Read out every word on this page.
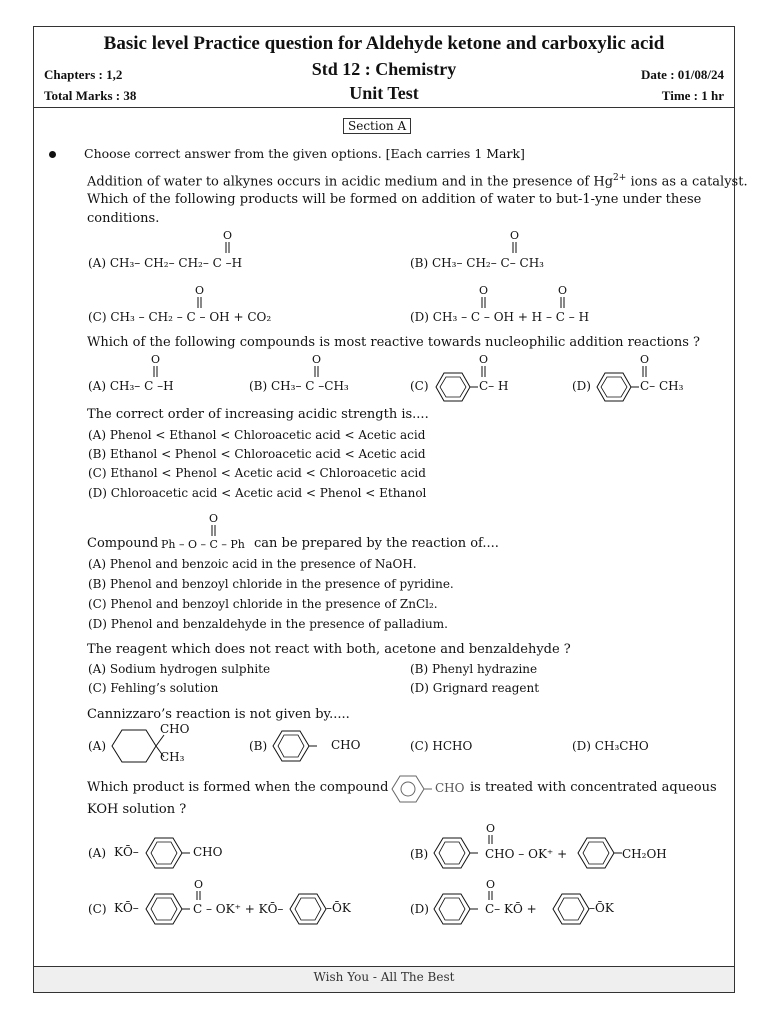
Basic level Practice question for Aldehyde ketone and carboxylic acid
Chapters : 1,2
Total Marks : 38
Std 12 : Chemistry
Unit Test
Date : 01/08/24
Time : 1 hr
Section A
Choose correct answer from the given options. [Each carries 1 Mark]
Addition of water to alkynes occurs in acidic medium and in the presence of $Hg^{2+}$ ions as a catalyst.
Which of the following products will be formed on addition of water to but-1-yne under these
conditions.
(A) CH₃– CH₂– CH₂– C –H
O
(B) CH₃– CH₂– C– CH₃
O
(C) CH₃ – CH₂ – C – OH + CO₂
O
(D) CH₃ – C – OH + H – C – H
O	O
Which of the following compounds is most reactive towards nucleophilic addition reactions ?
(A) CH₃– C –H
O
(B) CH₃– C –CH₃
O
(C)	C– H
O
(D)	C– CH₃
O
The correct order of increasing acidic strength is....
(A) Phenol < Ethanol < Chloroacetic acid < Acetic acid
(B) Ethanol < Phenol < Chloroacetic acid < Acetic acid
(C) Ethanol < Phenol < Acetic acid < Chloroacetic acid
(D) Chloroacetic acid < Acetic acid < Phenol < Ethanol
Compound Ph – O – C – Ph
O
can be prepared by the reaction of....
(A) Phenol and benzoic acid in the presence of NaOH.
(B) Phenol and benzoyl chloride in the presence of pyridine.
(C) Phenol and benzoyl chloride in the presence of ZnCl₂.
(D) Phenol and benzaldehyde in the presence of palladium.
The reagent which does not react with both, acetone and benzaldehyde ?
(A) Sodium hydrogen sulphite	(B) Phenyl hydrazine
(C) Fehling’s solution	(D) Grignard reagent
Cannizzaro’s reaction is not given by.....
(A)
CHO
CH₃
(B)	CHO	(C) HCHO	(D) CH₃CHO
Which product is formed when the compound	CHO is treated with concentrated aqueous
KOH solution ?
(A) KŌ–	CHO	(B)
O
CHO – OK⁺ +	CH₂OH
(C) KŌ–
O
C – OK⁺ + KŌ–	–ŌK	(D)
O
C– KŌ +	–ŌK
Wish You - All The Best
